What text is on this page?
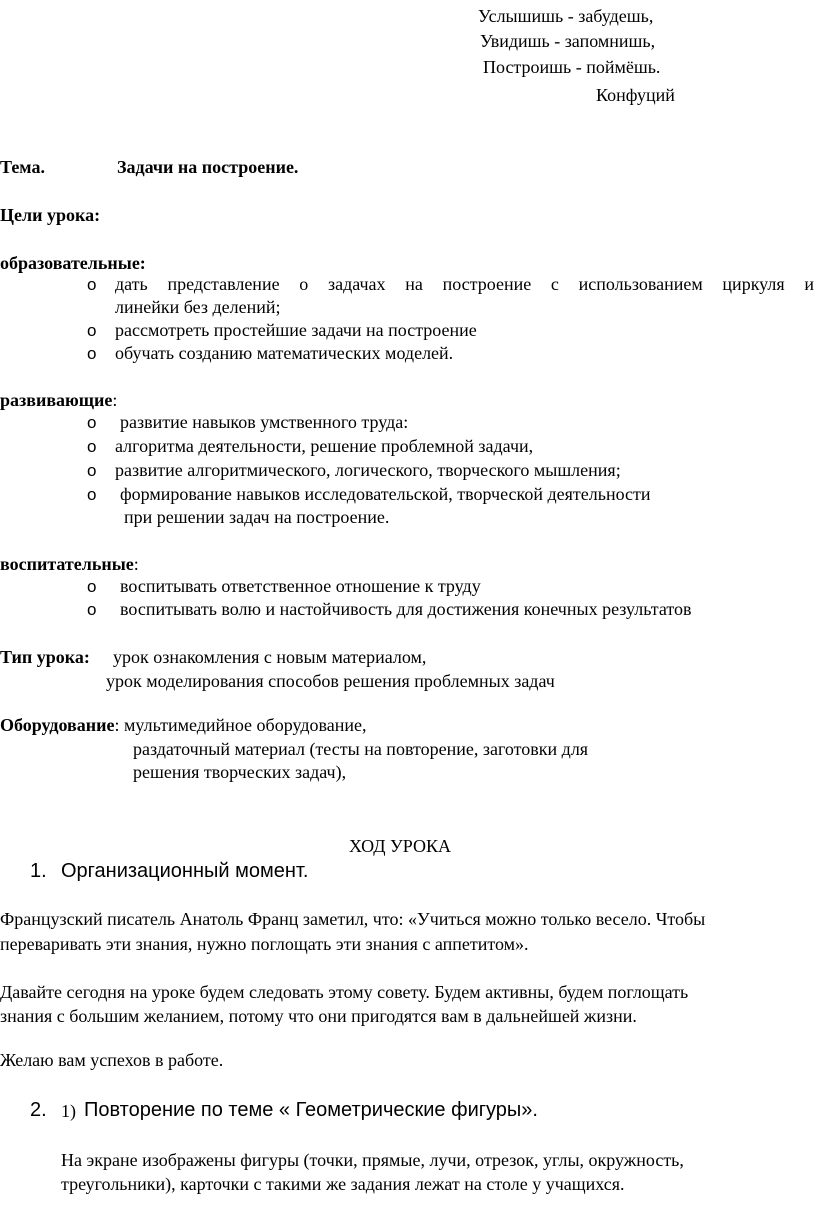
Услышишь - забудешь,
Увидишь - запомнишь,
Построишь - поймёшь.
Конфуций
Тема.	Задачи на построение.
Цели урока:
образовательные:
o дать представление о задачах на построение с использованием циркуля и
линейки без делений;
o рассмотреть простейшие задачи на построение
o обучать созданию математических моделей.
развивающие:
o развитие навыков умственного труда:
o алгоритма деятельности, решение проблемной задачи,
o развитие алгоритмического, логического, творческого мышления;
o формирование навыков исследовательской, творческой деятельности
при решении задач на построение.
воспитательные:
o воспитывать ответственное отношение к труду
o воспитывать волю и настойчивость для достижения конечных результатов
Тип урока: урок ознакомления с новым материалом,
урок моделирования способов решения проблемных задач
Оборудование: мультимедийное оборудование,
раздаточный материал (тесты на повторение, заготовки для
решения творческих задач),
ХОД УРОКА
1. Организационный момент.
Французский писатель Анатоль Франц заметил, что: «Учиться можно только весело. Чтобы
переваривать эти знания, нужно поглощать эти знания с аппетитом».
Давайте сегодня на уроке будем следовать этому совету. Будем активны, будем поглощать
знания с большим желанием, потому что они пригодятся вам в дальнейшей жизни.
Желаю вам успехов в работе.
2. 1) Повторение по теме « Геометрические фигуры».
На экране изображены фигуры (точки, прямые, лучи, отрезок, углы, окружность,
треугольники), карточки с такими же задания лежат на столе у учащихся.
